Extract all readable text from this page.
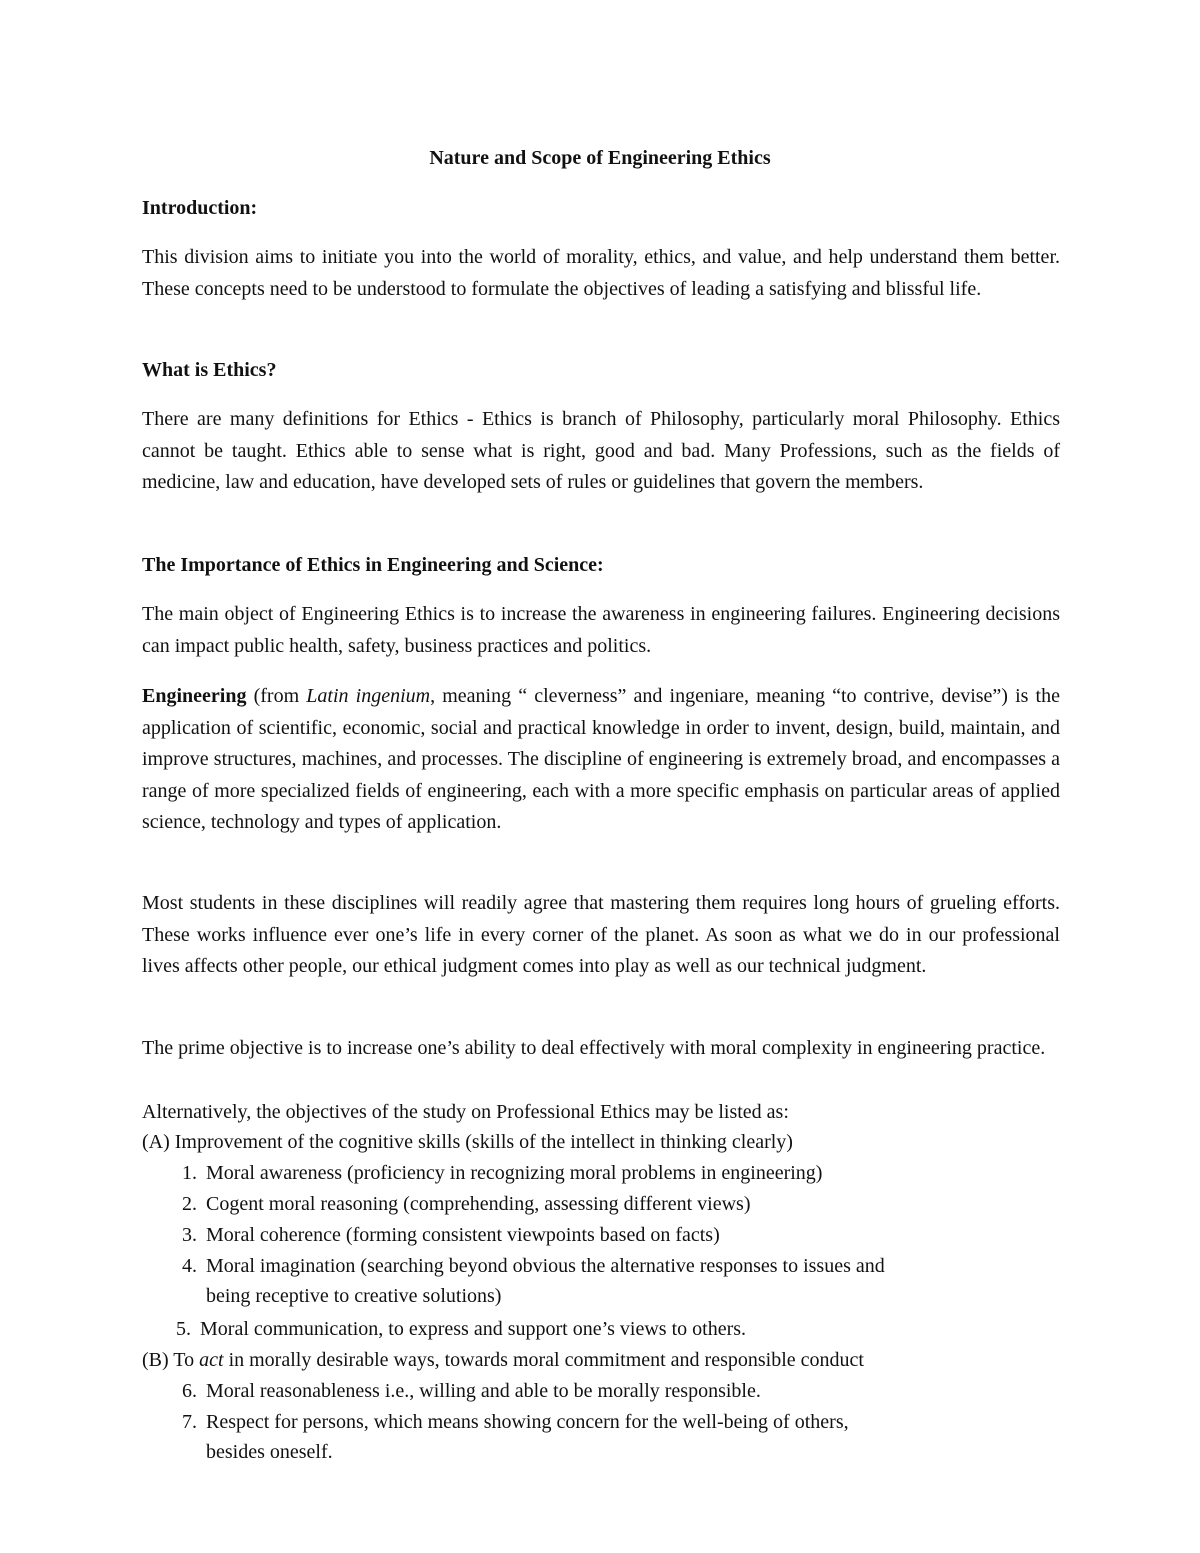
Nature and Scope of Engineering Ethics
Introduction:
This division aims to initiate you into the world of morality, ethics, and value, and help understand them better. These concepts need to be understood to formulate the objectives of leading a satisfying and blissful life.
What is Ethics?
There are many definitions for Ethics - Ethics is branch of Philosophy, particularly moral Philosophy. Ethics cannot be taught. Ethics able to sense what is right, good and bad. Many Professions, such as the fields of medicine, law and education, have developed sets of rules or guidelines that govern the members.
The Importance of Ethics in Engineering and Science:
The main object of Engineering Ethics is to increase the awareness in engineering failures. Engineering decisions can impact public health, safety, business practices and politics.
Engineering (from Latin ingenium, meaning “ cleverness” and ingeniare, meaning “to contrive, devise”) is the application of scientific, economic, social and practical knowledge in order to invent, design, build, maintain, and improve structures, machines, and processes. The discipline of engineering is extremely broad, and encompasses a range of more specialized fields of engineering, each with a more specific emphasis on particular areas of applied science, technology and types of application.
Most students in these disciplines will readily agree that mastering them requires long hours of grueling efforts. These works influence ever one’s life in every corner of the planet. As soon as what we do in our professional lives affects other people, our ethical judgment comes into play as well as our technical judgment.
The prime objective is to increase one’s ability to deal effectively with moral complexity in engineering practice.
Alternatively, the objectives of the study on Professional Ethics may be listed as:
(A) Improvement of the cognitive skills (skills of the intellect in thinking clearly)
1. Moral awareness (proficiency in recognizing moral problems in engineering)
2. Cogent moral reasoning (comprehending, assessing different views)
3. Moral coherence (forming consistent viewpoints based on facts)
4. Moral imagination (searching beyond obvious the alternative responses to issues and
being receptive to creative solutions)
5. Moral communication, to express and support one’s views to others.
(B) To act in morally desirable ways, towards moral commitment and responsible conduct
6. Moral reasonableness i.e., willing and able to be morally responsible.
7. Respect for persons, which means showing concern for the well-being of others,
besides oneself.
